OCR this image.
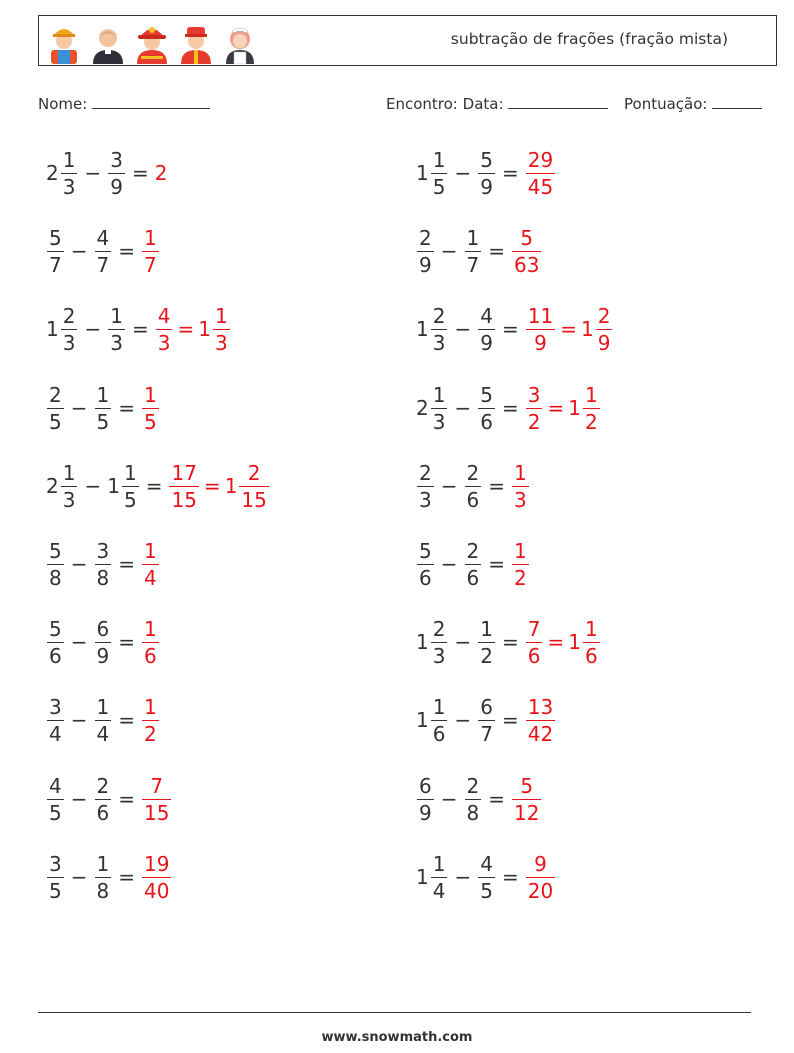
subtração de frações (fração mista)
Nome:	Encontro: Data:	Pontuação:
$2 \frac{1}{3} - \frac{3}{9} = 2$	$1 \frac{1}{5} - \frac{5}{9} = \frac{29}{45}$
$\frac{5}{7} - \frac{4}{7} = \frac{1}{7}$	$\frac{2}{9} - \frac{1}{7} = \frac{5}{63}$
$1 \frac{2}{3} - \frac{1}{3} = \frac{4}{3} = 1 \frac{1}{3}$	$1 \frac{2}{3} - \frac{4}{9} = \frac{11}{9} = 1 \frac{2}{9}$
$\frac{2}{5} - \frac{1}{5} = \frac{1}{5}$	$2 \frac{1}{3} - \frac{5}{6} = \frac{3}{2} = 1 \frac{1}{2}$
$2 \frac{1}{3} - 1 \frac{1}{5} = \frac{17}{15} = 1 \frac{2}{15}$	$\frac{2}{3} - \frac{2}{6} = \frac{1}{3}$
$\frac{5}{8} - \frac{3}{8} = \frac{1}{4}$	$\frac{5}{6} - \frac{2}{6} = \frac{1}{2}$
$\frac{5}{6} - \frac{6}{9} = \frac{1}{6}$	$1 \frac{2}{3} - \frac{1}{2} = \frac{7}{6} = 1 \frac{1}{6}$
$\frac{3}{4} - \frac{1}{4} = \frac{1}{2}$	$1 \frac{1}{6} - \frac{6}{7} = \frac{13}{42}$
$\frac{4}{5} - \frac{2}{6} = \frac{7}{15}$	$\frac{6}{9} - \frac{2}{8} = \frac{5}{12}$
$\frac{3}{5} - \frac{1}{8} = \frac{19}{40}$	$1 \frac{1}{4} - \frac{4}{5} = \frac{9}{20}$
www.snowmath.com
